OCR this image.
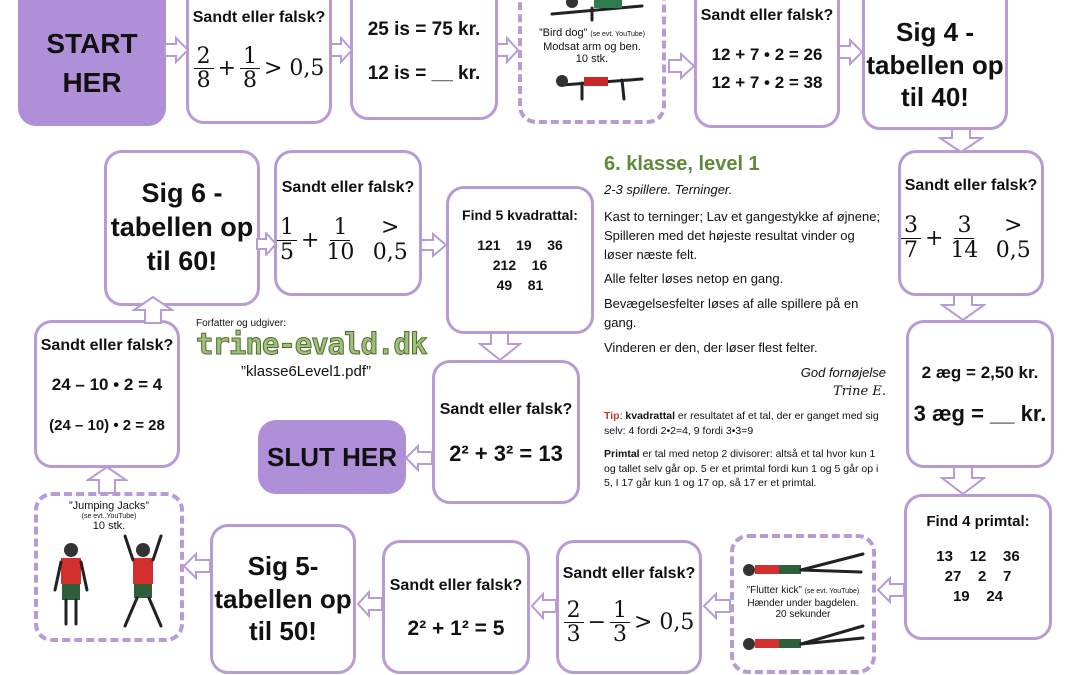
START HER
Sandt eller falsk?
$\frac{2}{8} + \frac{1}{8} > 0,5$
25 is = 75 kr.
12 is = __ kr.
”Bird dog” (se evt. YouTube)
Modsat arm og ben.
10 stk.
Sandt eller falsk?
12 + 7 • 2 = 26
12 + 7 • 2 = 38
Sig 4 - tabellen op til 40!
Sig 6 - tabellen op til 60!
Sandt eller falsk?
$\frac{1}{5} + \frac{1}{10}$	> 0,5
Find 5 kvadrattal:
121    19    36
212    16
49    81
Sandt eller falsk?
$\frac{3}{7} + \frac{3}{14}$	> 0,5
6. klasse, level 1
2-3 spillere. Terninger.
Kast to terninger; Lav et gangestykke af øjnene; Spilleren med det højeste resultat vinder og løser næste felt.
Alle felter løses netop en gang.
Bevægelsesfelter løses af alle spillere på en gang.
Vinderen er den, der løser flest felter.
God fornøjelse
Trine E.
Tip: kvadrattal er resultatet af et tal, der er ganget med sig selv: 4 fordi 2•2=4, 9 fordi 3•3=9
Primtal er tal med netop 2 divisorer: altså et tal hvor kun 1 og tallet selv går op. 5 er et primtal fordi kun 1 og 5 går op i 5, I 17 går kun 1 og 17 op, så 17 er et primtal.
Forfatter og udgiver:
trine-evald.dk
”klasse6Level1.pdf”
Sandt eller falsk?
24 – 10 • 2 = 4
(24 – 10) • 2 = 28
Sandt eller falsk?
2² + 3² = 13
SLUT HER
2 æg = 2,50 kr.
3 æg = __ kr.
”Jumping Jacks”
(se evt..YouTube)
10 stk.
Sig 5- tabellen op til 50!
Sandt eller falsk?
2² + 1² = 5
Sandt eller falsk?
$\frac{2}{3} - \frac{1}{3} > 0,5$
”Flutter kick” (se evt. YouTube)
Hænder under bagdelen.
20 sekunder
Find 4 primtal:
13    12    36
27    2    7
19    24
